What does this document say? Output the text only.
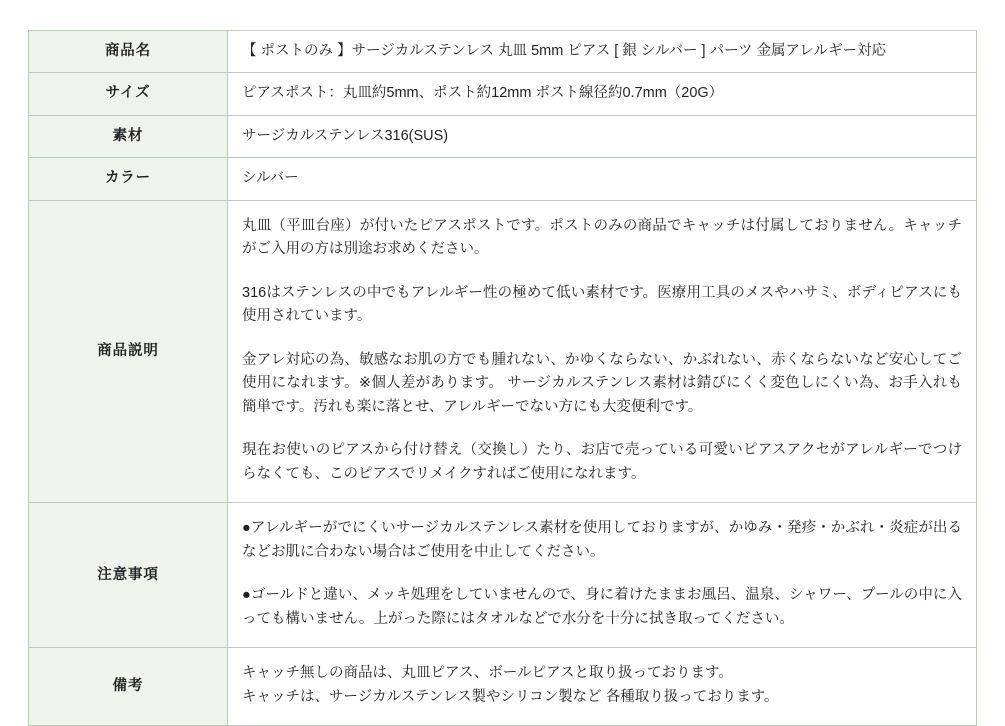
商品名	【 ポストのみ 】サージカルステンレス 丸皿 5mm ピアス [ 銀 シルバー ] パーツ 金属アレルギー対応
サイズ	ピアスポスト：丸皿約5mm、ポスト約12mm ポスト線径約0.7mm（20G）
素材	サージカルステンレス316(SUS)
カラー	シルバー
商品説明	丸皿（平皿台座）が付いたピアスポストです。ポストのみの商品でキャッチは付属しておりません。キャッチがご入用の方は別途お求めください。

316はステンレスの中でもアレルギー性の極めて低い素材です。医療用工具のメスやハサミ、ボディピアスにも使用されています。

金アレ対応の為、敏感なお肌の方でも腫れない、かゆくならない、かぶれない、赤くならないなど安心してご使用になれます。※個人差があります。 サージカルステンレス素材は錆びにくく変色しにくい為、お手入れも簡単です。汚れも楽に落とせ、アレルギーでない方にも大変便利です。

現在お使いのピアスから付け替え（交換し）たり、お店で売っている可愛いピアスアクセがアレルギーでつけらなくても、このピアスでリメイクすればご使用になれます。

注意事項	●アレルギーがでにくいサージカルステンレス素材を使用しておりますが、かゆみ・発疹・かぶれ・炎症が出るなどお肌に合わない場合はご使用を中止してください。

●ゴールドと違い、メッキ処理をしていませんので、身に着けたままお風呂、温泉、シャワー、プールの中に入っても構いません。上がった際にはタオルなどで水分を十分に拭き取ってください。

備考	キャッチ無しの商品は、丸皿ピアス、ボールピアスと取り扱っております。

キャッチは、サージカルステンレス製やシリコン製など 各種取り扱っております。
